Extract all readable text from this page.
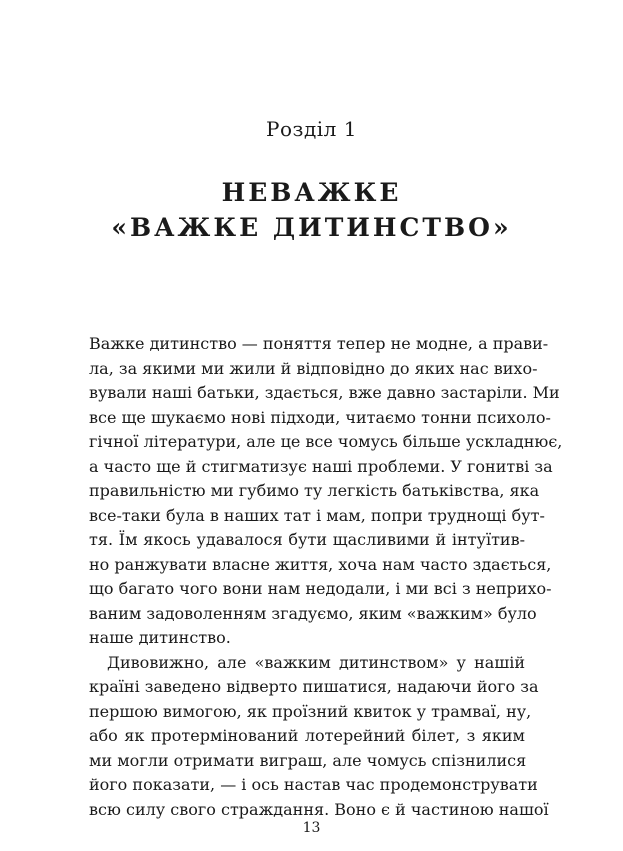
Розділ 1
НЕВАЖКЕ
«ВАЖКЕ ДИТИНСТВО»
Важке дитинство — поняття тепер не модне, а прави-
ла, за якими ми жили й відповідно до яких нас вихо-
вували наші батьки, здається, вже давно застаріли. Ми
все ще шукаємо нові підходи, читаємо тонни психоло-
гічної літератури, але це все чомусь більше ускладнює,
а часто ще й стигматизує наші проблеми. У гонитві за
правильністю ми губимо ту легкість батьківства, яка
все-таки була в наших тат і мам, попри труднощі бут-
тя. Їм якось удавалося бути щасливими й інтуїтив-
но ранжувати власне життя, хоча нам часто здається,
що багато чого вони нам недодали, і ми всі з неприхо-
ваним задоволенням згадуємо, яким «важким» було
наше дитинство.
Дивовижно, але «важким дитинством» у нашій
країні заведено відверто пишатися, надаючи його за
першою вимогою, як проїзний квиток у трамваї, ну,
або як протермінований лотерейний білет, з яким
ми могли отримати виграш, але чомусь спізнилися
його показати, — і ось настав час продемонструвати
всю силу свого страждання. Воно є й частиною нашої
13
